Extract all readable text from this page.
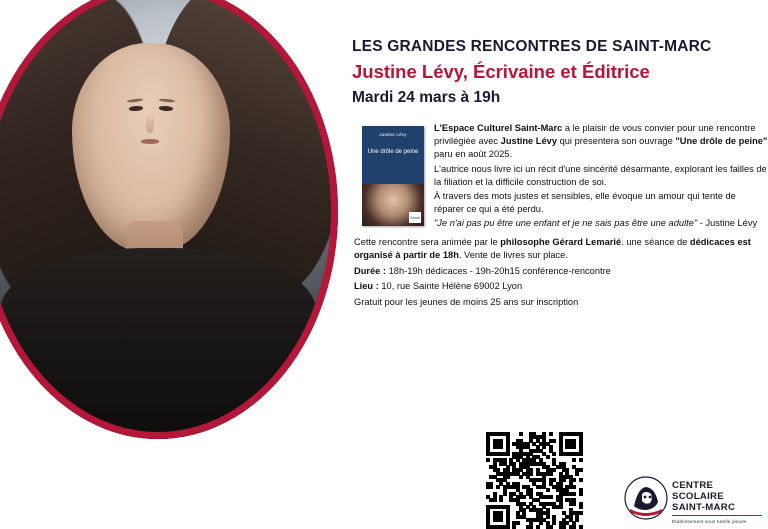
LES GRANDES RENCONTRES DE SAINT-MARC
Justine Lévy, Écrivaine et Éditrice
Mardi 24 mars à 19h
Justine Lévy
Une drôle de peine
Stock

L'Espace Culturel Saint-Marc a le plaisir de vous convier pour une rencontre privilégiée avec Justine Lévy qui présentera son ouvrage "Une drôle de peine" paru en août 2025.

L'autrice nous livre ici un récit d'une sincérité désarmante, explorant les failles de la filiation et la difficile construction de soi.

À travers des mots justes et sensibles, elle évoque un amour qui tente de réparer ce qui a été perdu.

"Je n'ai pas pu être une enfant et je ne sais pas être une adulte" - Justine Lévy

Cette rencontre sera animée par le philosophe Gérard Lemarié. une séance de dédicaces est organisé à partir de 18h. Vente de livres sur place.

Durée : 18h-19h dédicaces - 19h-20h15 conférence-rencontre

Lieu : 10, rue Sainte Hélène 69002 Lyon

Gratuit pour les jeunes de moins 25 ans sur inscription

CENTRE SCOLAIRE
SAINT-MARC
Établissement sous tutelle jésuite
